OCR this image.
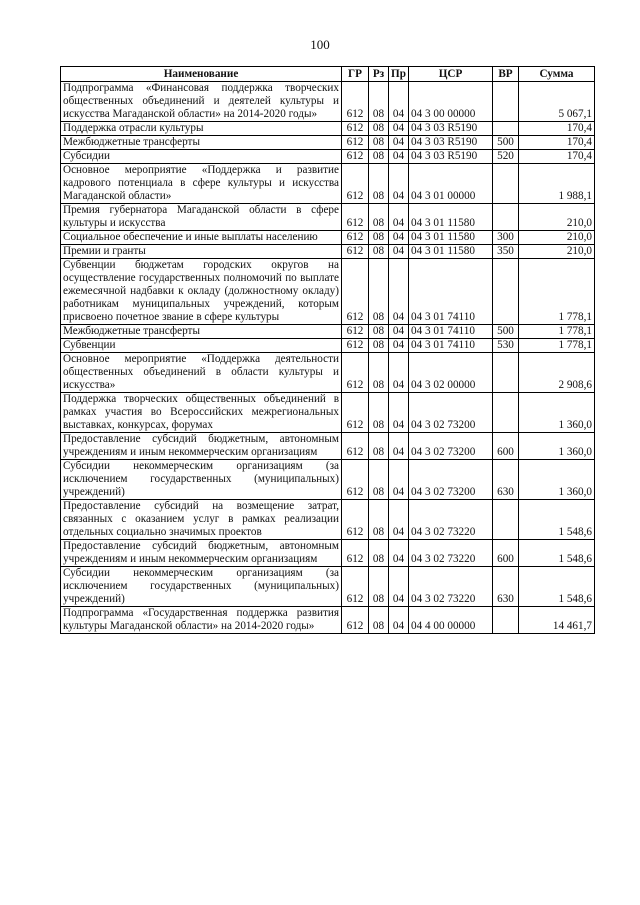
100
Наименование	ГР	Рз	Пр	ЦСР	ВР	Сумма
Подпрограмма «Финансовая поддержка творческих общественных объединений и деятелей культуры и искусства Магаданской области» на 2014-2020 годы»	612	08	04	04 3 00 00000		5 067,1
Поддержка отрасли культуры	612	08	04	04 3 03 R5190		170,4
Межбюджетные трансферты	612	08	04	04 3 03 R5190	500	170,4
Субсидии	612	08	04	04 3 03 R5190	520	170,4
Основное мероприятие «Поддержка и развитие кадрового потенциала в сфере культуры и искусства Магаданской области»	612	08	04	04 3 01 00000		1 988,1
Премия губернатора Магаданской области в сфере культуры и искусства	612	08	04	04 3 01 11580		210,0
Социальное обеспечение и иные выплаты населению	612	08	04	04 3 01 11580	300	210,0
Премии и гранты	612	08	04	04 3 01 11580	350	210,0
Субвенции бюджетам городских округов на осуществление государственных полномочий по выплате ежемесячной надбавки к окладу (должностному окладу) работникам муниципальных учреждений, которым присвоено почетное звание в сфере культуры	612	08	04	04 3 01 74110		1 778,1
Межбюджетные трансферты	612	08	04	04 3 01 74110	500	1 778,1
Субвенции	612	08	04	04 3 01 74110	530	1 778,1
Основное мероприятие «Поддержка деятельности общественных объединений в области культуры и искусства»	612	08	04	04 3 02 00000		2 908,6
Поддержка творческих общественных объединений в рамках участия во Всероссийских межрегиональных выставках, конкурсах, форумах	612	08	04	04 3 02 73200		1 360,0
Предоставление субсидий бюджетным, автономным учреждениям и иным некоммерческим организациям	612	08	04	04 3 02 73200	600	1 360,0
Субсидии некоммерческим организациям (за исключением государственных (муниципальных) учреждений)	612	08	04	04 3 02 73200	630	1 360,0
Предоставление субсидий на возмещение затрат, связанных с оказанием услуг в рамках реализации отдельных социально значимых проектов	612	08	04	04 3 02 73220		1 548,6
Предоставление субсидий бюджетным, автономным учреждениям и иным некоммерческим организациям	612	08	04	04 3 02 73220	600	1 548,6
Субсидии некоммерческим организациям (за исключением государственных (муниципальных) учреждений)	612	08	04	04 3 02 73220	630	1 548,6
Подпрограмма «Государственная поддержка развития культуры Магаданской области» на 2014-2020 годы»	612	08	04	04 4 00 00000		14 461,7
